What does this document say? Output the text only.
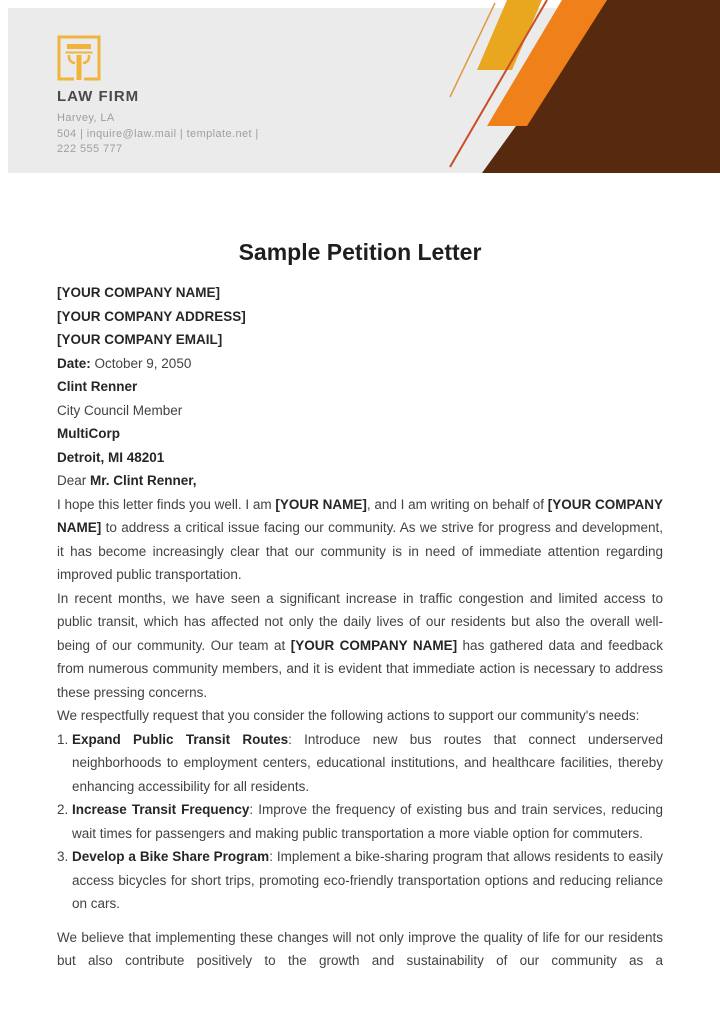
LAW FIRM
Harvey, LA
504 | inquire@law.mail | template.net |
222 555 777
Sample Petition Letter
[YOUR COMPANY NAME]
[YOUR COMPANY ADDRESS]
[YOUR COMPANY EMAIL]
Date: October 9, 2050
Clint Renner
City Council Member
MultiCorp
Detroit, MI 48201
Dear Mr. Clint Renner,
I hope this letter finds you well. I am [YOUR NAME], and I am writing on behalf of [YOUR COMPANY NAME] to address a critical issue facing our community. As we strive for progress and development, it has become increasingly clear that our community is in need of immediate attention regarding improved public transportation.
In recent months, we have seen a significant increase in traffic congestion and limited access to public transit, which has affected not only the daily lives of our residents but also the overall well-being of our community. Our team at [YOUR COMPANY NAME] has gathered data and feedback from numerous community members, and it is evident that immediate action is necessary to address these pressing concerns.
We respectfully request that you consider the following actions to support our community's needs:
1. Expand Public Transit Routes: Introduce new bus routes that connect underserved neighborhoods to employment centers, educational institutions, and healthcare facilities, thereby enhancing accessibility for all residents.
2. Increase Transit Frequency: Improve the frequency of existing bus and train services, reducing wait times for passengers and making public transportation a more viable option for commuters.
3. Develop a Bike Share Program: Implement a bike-sharing program that allows residents to easily access bicycles for short trips, promoting eco-friendly transportation options and reducing reliance on cars.
We believe that implementing these changes will not only improve the quality of life for our residents but also contribute positively to the growth and sustainability of our community as a
